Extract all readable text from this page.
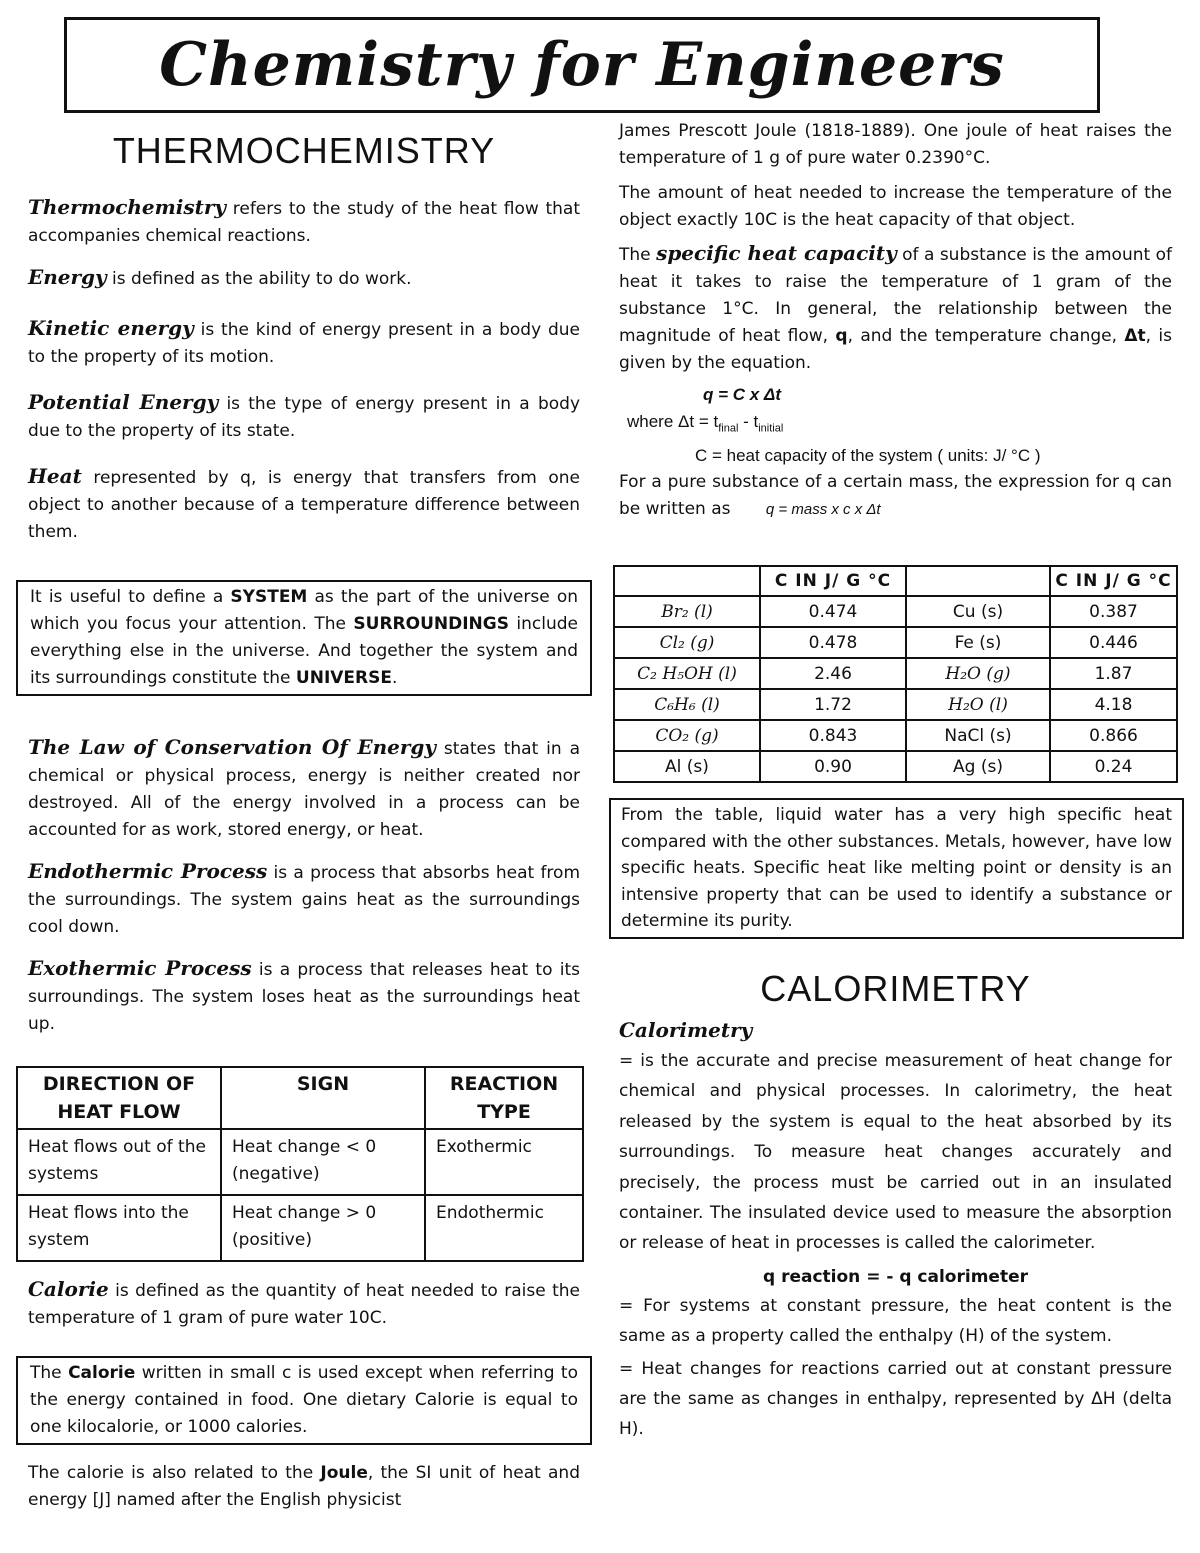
Chemistry for Engineers
THERMOCHEMISTRY

Thermochemistry refers to the study of the heat flow that accompanies chemical reactions.

Energy is defined as the ability to do work.

Kinetic energy is the kind of energy present in a body due to the property of its motion.

Potential Energy is the type of energy present in a body due to the property of its state.

Heat represented by q, is energy that transfers from one object to another because of a temperature difference between them.

It is useful to define a SYSTEM as the part of the universe on which you focus your attention. The SURROUNDINGS include everything else in the universe. And together the system and its surroundings constitute the UNIVERSE.

The Law of Conservation Of Energy states that in a chemical or physical process, energy is neither created nor destroyed. All of the energy involved in a process can be accounted for as work, stored energy, or heat.

Endothermic Process is a process that absorbs heat from the surroundings. The system gains heat as the surroundings cool down.

Exothermic Process is a process that releases heat to its surroundings. The system loses heat as the surroundings heat up.

DIRECTION OF HEAT FLOW	SIGN	REACTION TYPE
Heat flows out of the systems	Heat change < 0 (negative)	Exothermic
Heat flows into the system	Heat change > 0 (positive)	Endothermic

Calorie is defined as the quantity of heat needed to raise the temperature of 1 gram of pure water 10C.

The Calorie written in small c is used except when referring to the energy contained in food. One dietary Calorie is equal to one kilocalorie, or 1000 calories.

The calorie is also related to the Joule, the SI unit of heat and energy [J] named after the English physicist

James Prescott Joule (1818-1889). One joule of heat raises the temperature of 1 g of pure water 0.2390°C.

The amount of heat needed to increase the temperature of the object exactly 10C is the heat capacity of that object.

The specific heat capacity of a substance is the amount of heat it takes to raise the temperature of 1 gram of the substance 1°C. In general, the relationship between the magnitude of heat flow, q, and the temperature change, Δt, is given by the equation.

q = C x Δt
where $\Delta t = t_{final} - t_{initial}$
C = heat capacity of the system ( units: J/ °C )

For a pure substance of a certain mass, the expression for q can be written as q = mass x c x Δt

	C IN J/ G °C		C IN J/ G °C
Br₂ (l)	0.474	Cu (s)	0.387
Cl₂ (g)	0.478	Fe (s)	0.446
C₂ H₅OH (l)	2.46	H₂O (g)	1.87
C₆H₆ (l)	1.72	H₂O (l)	4.18
CO₂ (g)	0.843	NaCl (s)	0.866
Al (s)	0.90	Ag (s)	0.24

From the table, liquid water has a very high specific heat compared with the other substances. Metals, however, have low specific heats. Specific heat like melting point or density is an intensive property that can be used to identify a substance or determine its purity.

CALORIMETRY
Calorimetry

= is the accurate and precise measurement of heat change for chemical and physical processes. In calorimetry, the heat released by the system is equal to the heat absorbed by its surroundings. To measure heat changes accurately and precisely, the process must be carried out in an insulated container. The insulated device used to measure the absorption or release of heat in processes is called the calorimeter.

q reaction = - q calorimeter

= For systems at constant pressure, the heat content is the same as a property called the enthalpy (H) of the system.

= Heat changes for reactions carried out at constant pressure are the same as changes in enthalpy, represented by ΔH (delta H).
